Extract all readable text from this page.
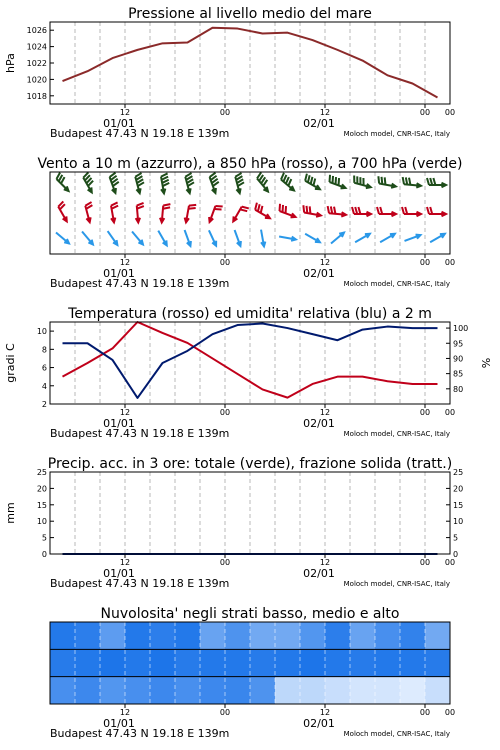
Pressione al livello medio del mare
1018
1020
1022
1024
1026
hPa
12	00	12	00 00
01/01	02/01
Budapest 47.43 N 19.18 E 139m	Moloch model, CNR-ISAC, Italy
Vento a 10 m (azzurro), a 850 hPa (rosso), a 700 hPa (verde)
12	00	12	00 00
01/01	02/01
Budapest 47.43 N 19.18 E 139m	Moloch model, CNR-ISAC, Italy
Temperatura (rosso) ed umidita' relativa (blu) a 2 m
2
4
6
8
10
80
85
90
95
100
gradi C	%
12	00	12	00 00
01/01	02/01
Budapest 47.43 N 19.18 E 139m	Moloch model, CNR-ISAC, Italy
Precip. acc. in 3 ore: totale (verde), frazione solida (tratt.)
0
5
10
15
20
25
0
5
10
15
20
25
mm
12	00	12	00 00
01/01	02/01
Budapest 47.43 N 19.18 E 139m	Moloch model, CNR-ISAC, Italy
Nuvolosita' negli strati basso, medio e alto
12	00	12	00 00
01/01	02/01
Budapest 47.43 N 19.18 E 139m	Moloch model, CNR-ISAC, Italy
